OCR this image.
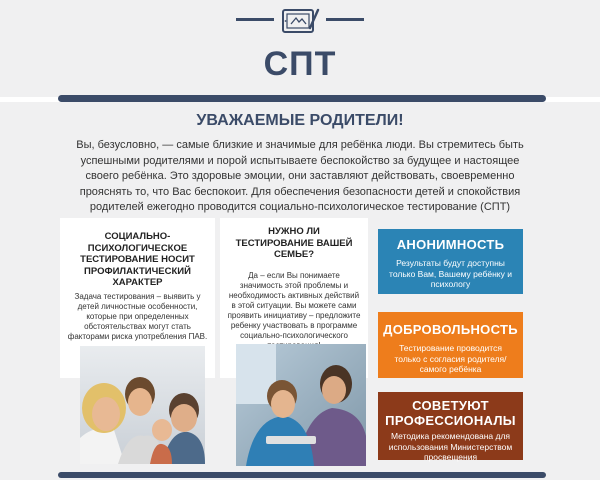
СПТ
УВАЖАЕМЫЕ РОДИТЕЛИ!
Вы, безусловно, — самые близкие и значимые для ребёнка люди. Вы стремитесь быть успешными родителями и порой испытываете беспокойство за будущее и настоящее своего ребёнка. Это здоровые эмоции, они заставляют действовать, своевременно прояснять то, что Вас беспокоит. Для обеспечения безопасности детей и спокойствия родителей ежегодно проводится социально-психологическое тестирование (СПТ)
СОЦИАЛЬНО-ПСИХОЛОГИЧЕСКОЕ ТЕСТИРОВАНИЕ НОСИТ ПРОФИЛАКТИЧЕСКИЙ ХАРАКТЕР
Задача тестирования – выявить у детей личностные особенности, которые при определенных обстоятельствах могут стать факторами риска употребления ПАВ.
НУЖНО ЛИ ТЕСТИРОВАНИЕ ВАШЕЙ СЕМЬЕ?
Да – если Вы понимаете значимость этой проблемы и необходимость активных действий в этой ситуации. Вы можете сами проявить инициативу – предложите ребенку участвовать в программе социально-психологического
АНОНИМНОСТЬ
Результаты будут доступны только Вам, Вашему ребёнку и психологу
ДОБРОВОЛЬНОСТЬ
Тестирование проводится только с согласия родителя/самого ребёнка
СОВЕТУЮТ ПРОФЕССИОНАЛЫ
Методика рекомендована для использования Министерством просвещения
